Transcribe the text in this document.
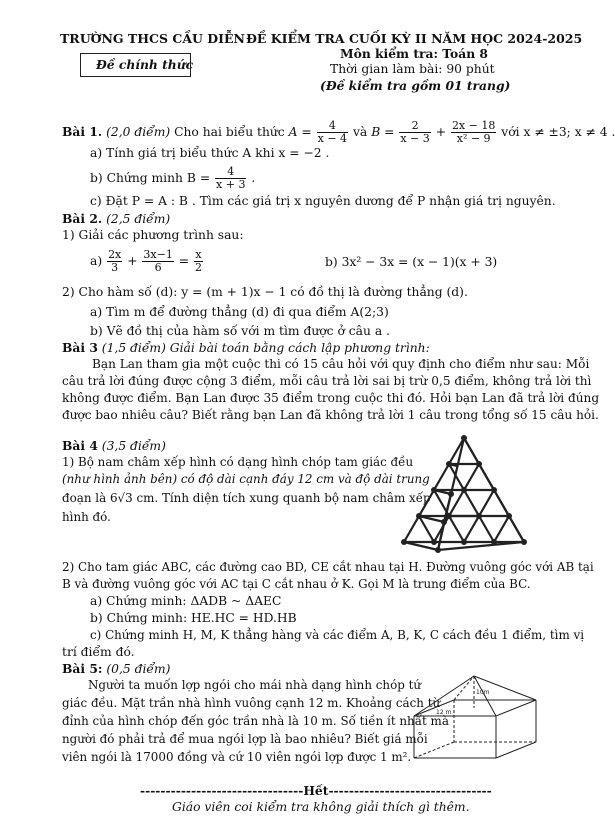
TRƯỜNG THCS CẦU DIỄN ĐỀ KIỂM TRA CUỐI KỲ II NĂM HỌC 2024-2025
Đề chính thức
Môn kiểm tra: Toán 8
Thời gian làm bài: 90 phút
(Đề kiểm tra gồm 01 trang)
Bài 1. (2,0 điểm) Cho hai biểu thức $A = \frac{4}{x - 4}$ và $B = \frac{2}{x - 3} + \frac{2x - 18}{\text{x² − 9}}$ với x ≠ ±3; x ≠ 4 .
a) Tính giá trị biểu thức A khi x = −2 .
b) Chứng minh $B = \frac{4}{x + 3}$ .
c) Đặt P = A : B . Tìm các giá trị x nguyên dương để P nhận giá trị nguyên.
Bài 2. (2,5 điểm)
1) Giải các phương trình sau:
$a) \frac{2x}{3} + \frac{3x-1}{6} = \frac{x}{2}$	b) 3x² − 3x = (x − 1)(x + 3)
2) Cho hàm số (d): y = (m + 1)x − 1 có đồ thị là đường thẳng (d).
a) Tìm m để đường thẳng (d) đi qua điểm A(2;3)
b) Vẽ đồ thị của hàm số với m tìm được ở câu a .
Bài 3 (1,5 điểm) Giải bài toán bằng cách lập phương trình:
Bạn Lan tham gia một cuộc thi có 15 câu hỏi với quy định cho điểm như sau: Mỗi
câu trả lời đúng được cộng 3 điểm, mỗi câu trả lời sai bị trừ 0,5 điểm, không trả lời thì
không được điểm. Bạn Lan được 35 điểm trong cuộc thi đó. Hỏi bạn Lan đã trả lời đúng
được bao nhiêu câu? Biết rằng bạn Lan đã không trả lời 1 câu trong tổng số 15 câu hỏi.
Bài 4 (3,5 điểm)
1) Bộ nam châm xếp hình có dạng hình chóp tam giác đều
(như hình ảnh bên) có độ dài cạnh đáy 12 cm và độ dài trung
đoạn là 6√3 cm. Tính diện tích xung quanh bộ nam châm xếp
hình đó.
2) Cho tam giác ABC, các đường cao BD, CE cắt nhau tại H. Đường vuông góc với AB tại
B và đường vuông góc với AC tại C cắt nhau ở K. Gọi M là trung điểm của BC.
a) Chứng minh: ΔADB ~ ΔAEC
b) Chứng minh: HE.HC = HD.HB
c) Chứng minh H, M, K thẳng hàng và các điểm A, B, K, C cách đều 1 điểm, tìm vị
trí điểm đó.
Bài 5: (0,5 điểm)
Người ta muốn lợp ngói cho mái nhà dạng hình chóp tứ
giác đều. Mặt trần nhà hình vuông cạnh 12 m. Khoảng cách từ
đỉnh của hình chóp đến góc trần nhà là 10 m. Số tiền ít nhất mà
người đó phải trả để mua ngói lợp là bao nhiêu? Biết giá mỗi
viên ngói là 17000 đồng và cứ 10 viên ngói lợp được 1 m².
10m
12 m
--------------------------------Hết--------------------------------
Giáo viên coi kiểm tra không giải thích gì thêm.
